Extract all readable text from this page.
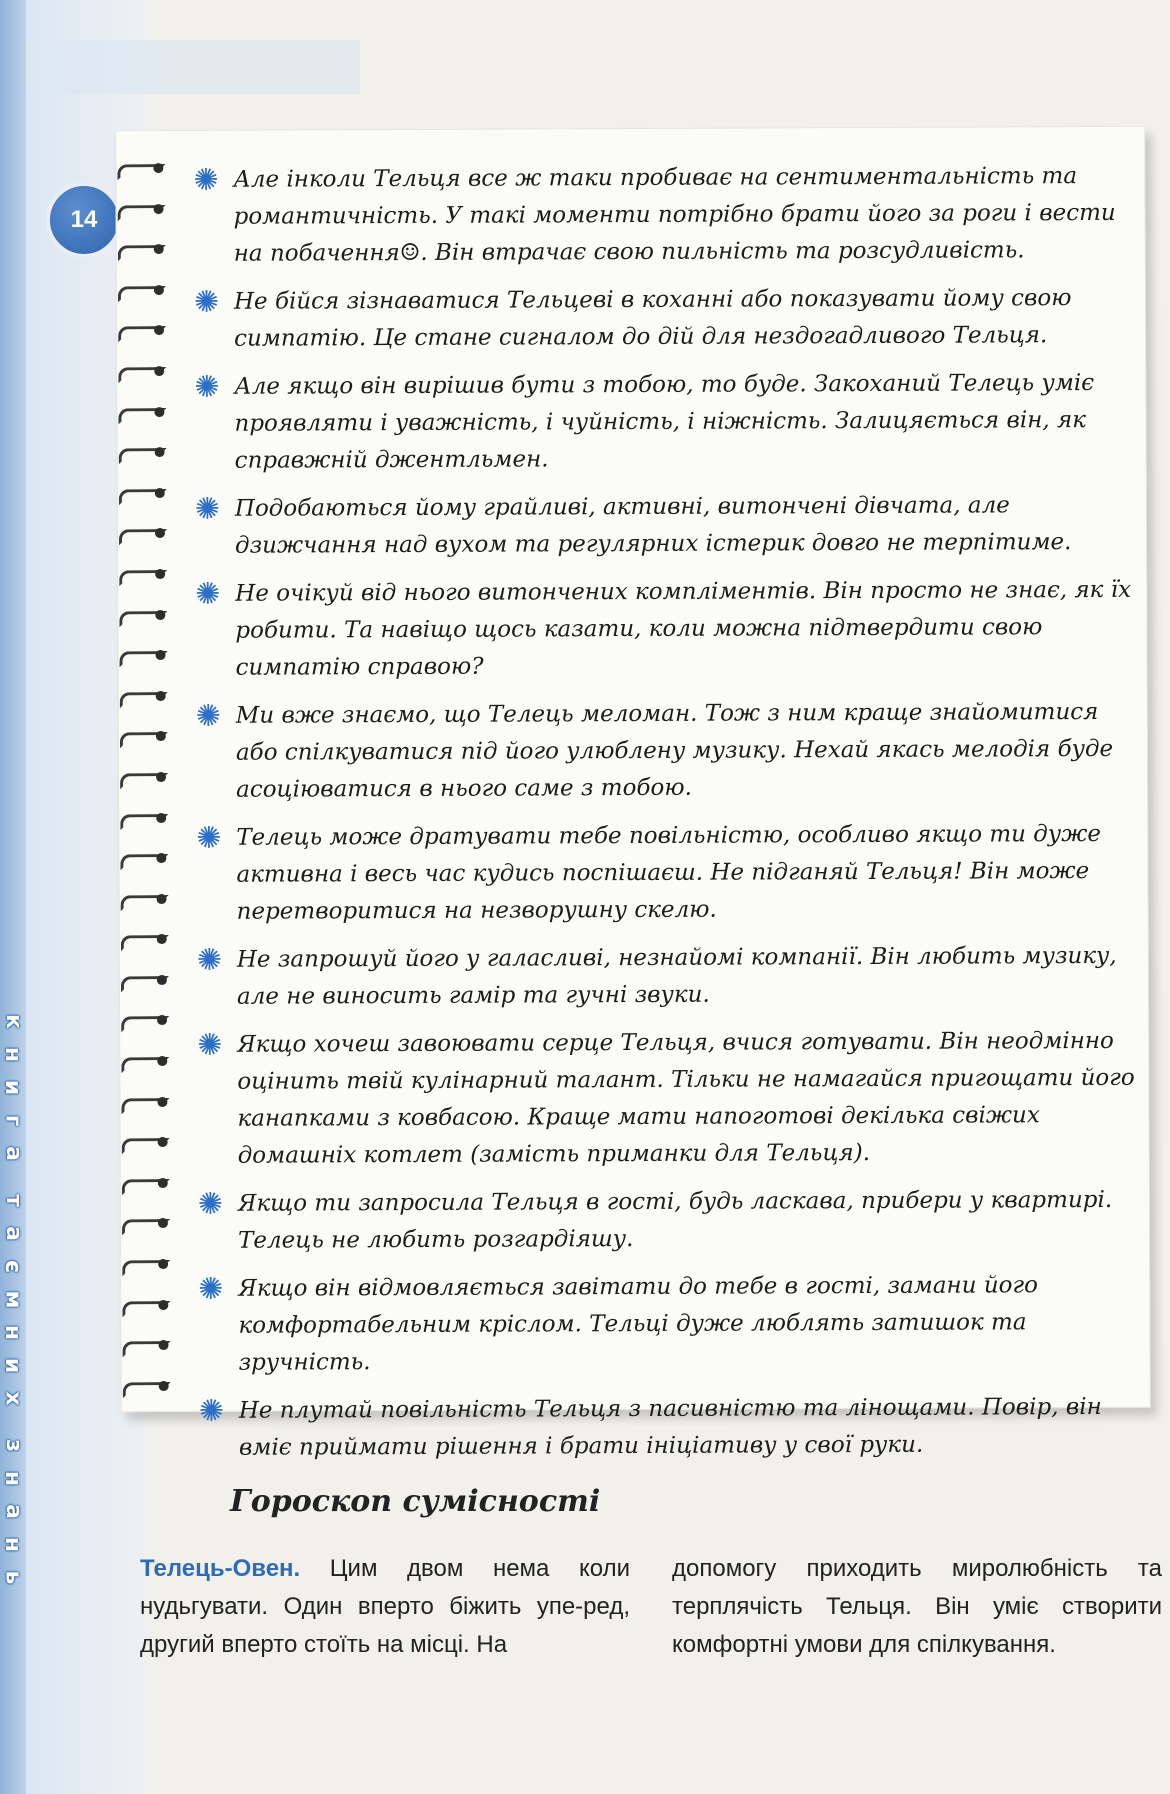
14
к
н
и
г
а
т
а
є
м
н
и
х
з
н
а
н
ь
✺ Але інколи Тельця все ж таки пробиває на сентиментальність та романтичність. У такі моменти потрібно брати його за роги і вести на побачення☺. Він втрачає свою пильність та розсудливість.
✺ Не бійся зізнаватися Тельцеві в коханні або показувати йому свою симпатію. Це стане сигналом до дій для нездогадливого Тельця.
✺ Але якщо він вирішив бути з тобою, то буде. Закоханий Телець уміє проявляти і уважність, і чуйність, і ніжність. Залицяється він, як справжній джентльмен.
✺ Подобаються йому грайливі, активні, витончені дівчата, але дзижчання над вухом та регулярних істерик довго не терпітиме.
✺ Не очікуй від нього витончених компліментів. Він просто не знає, як їх робити. Та навіщо щось казати, коли можна підтвердити свою симпатію справою?
✺ Ми вже знаємо, що Телець меломан. Тож з ним краще знайомитися або спілкуватися під його улюблену музику. Нехай якась мелодія буде асоціюватися в нього саме з тобою.
✺ Телець може дратувати тебе повільністю, особливо якщо ти дуже активна і весь час кудись поспішаєш. Не підганяй Тельця! Він може перетворитися на незворушну скелю.
✺ Не запрошуй його у галасливі, незнайомі компанії. Він любить музику, але не виносить гамір та гучні звуки.
✺ Якщо хочеш завоювати серце Тельця, вчися готувати. Він неодмінно оцінить твій кулінарний талант. Тільки не намагайся пригощати його канапками з ковбасою. Краще мати напоготові декілька свіжих домашніх котлет (замість приманки для Тельця).
✺ Якщо ти запросила Тельця в гості, будь ласкава, прибери у квартирі. Телець не любить розгардіяшу.
✺ Якщо він відмовляється завітати до тебе в гості, замани його комфортабельним кріслом. Тельці дуже люблять затишок та зручність.
✺ Не плутай повільність Тельця з пасивністю та лінощами. Повір, він вміє приймати рішення і брати ініціативу у свої руки.
Гороскоп сумісності
Телець-Овен. Цим двом нема коли нудьгувати. Один вперто біжить упе-ред, другий вперто стоїть на місці. На
допомогу приходить миролюбність та терплячість Тельця. Він уміє створити комфортні умови для спілкування.
